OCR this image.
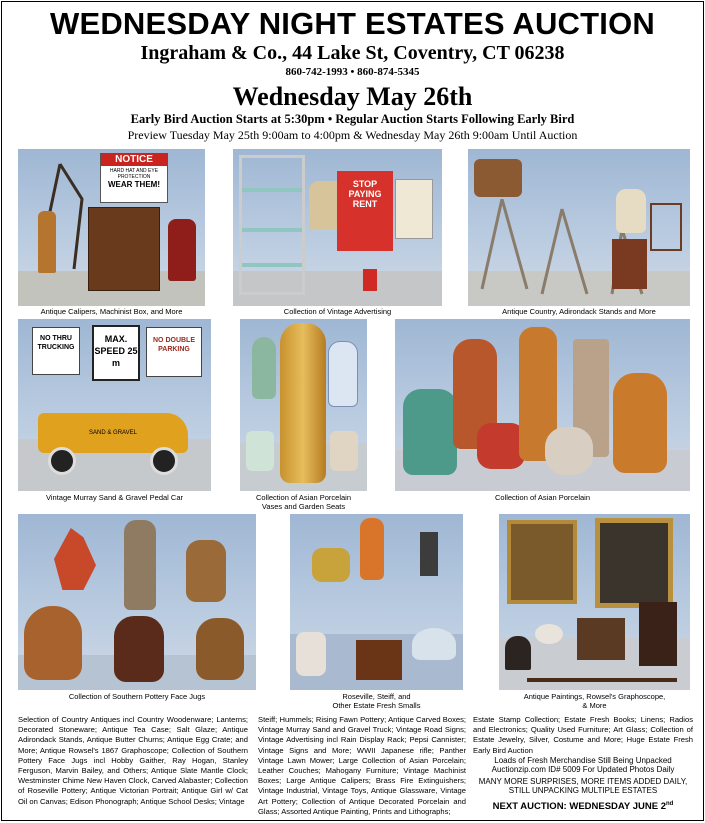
WEDNESDAY NIGHT ESTATES AUCTION
Ingraham & Co., 44 Lake St, Coventry, CT 06238
860-742-1993 • 860-874-5345
Wednesday May 26th
Early Bird Auction Starts at 5:30pm • Regular Auction Starts Following Early Bird
Preview Tuesday May 25th 9:00am to 4:00pm & Wednesday May 26th 9:00am Until Auction
NOTICE
HARD HAT AND EYE PROTECTION
WEAR THEM!
Antique Calipers, Machinist Box, and More
STOP PAYING RENT
Collection of Vintage Advertising	Antique Country, Adirondack Stands and More
NO THRU TRUCKING
MAX. SPEED 25 m
NO DOUBLE PARKING
SAND & GRAVEL
Vintage Murray Sand & Gravel Pedal Car	Collection of Asian Porcelain
Vases and Garden Seats
Collection of Asian Porcelain
Collection of Southern Pottery Face Jugs	Roseville, Steiff, and
Other Estate Fresh Smalls
Antique Paintings, Rowsel's Graphoscope,
& More
Selection of Country Antiques incl Country Woodenware; Lanterns; Decorated Stoneware; Antique Tea Case; Salt Glaze; Antique Adirondack Stands, Antique Butter Churns; Antique Egg Crate; and More; Antique Rowsel's 1867 Graphoscope; Collection of Southern Pottery Face Jugs incl Hobby Gaither, Ray Hogan, Stanley Ferguson, Marvin Bailey, and Others; Antique Slate Mantle Clock; Westminster Chime New Haven Clock, Carved Alabaster; Collection of Roseville Pottery; Antique Victorian Portrait; Antique Girl w/ Cat Oil on Canvas; Edison Phonograph; Antique School Desks; Vintage
Steiff; Hummels; Rising Fawn Pottery; Antique Carved Boxes; Vintage Murray Sand and Gravel Truck; Vintage Road Signs; Vintage Advertising incl Rain Display Rack; Pepsi Cannister; Vintage Signs and More; WWII Japanese rifle; Panther Vintage Lawn Mower; Large Collection of Asian Porcelain; Leather Couches; Mahogany Furniture; Vintage Machinist Boxes; Large Antique Calipers; Brass Fire Extinguishers; Vintage Industrial, Vintage Toys, Antique Glassware, Vintage Art Pottery; Collection of Antique Decorated Porcelain and Glass; Assorted Antique Painting, Prints and Lithographs;
Estate Stamp Collection; Estate Fresh Books; Linens; Radios and Electronics; Quality Used Furniture; Art Glass; Collection of Estate Jewelry, Silver, Costume and More; Huge Estate Fresh Early Bird Auction
Loads of Fresh Merchandise Still Being Unpacked
Auctionzip.com ID# 5009 For Updated Photos Daily
MANY MORE SURPRISES, MORE ITEMS ADDED DAILY,
STILL UNPACKING MULTIPLE ESTATES
NEXT AUCTION: WEDNESDAY JUNE 2nd
